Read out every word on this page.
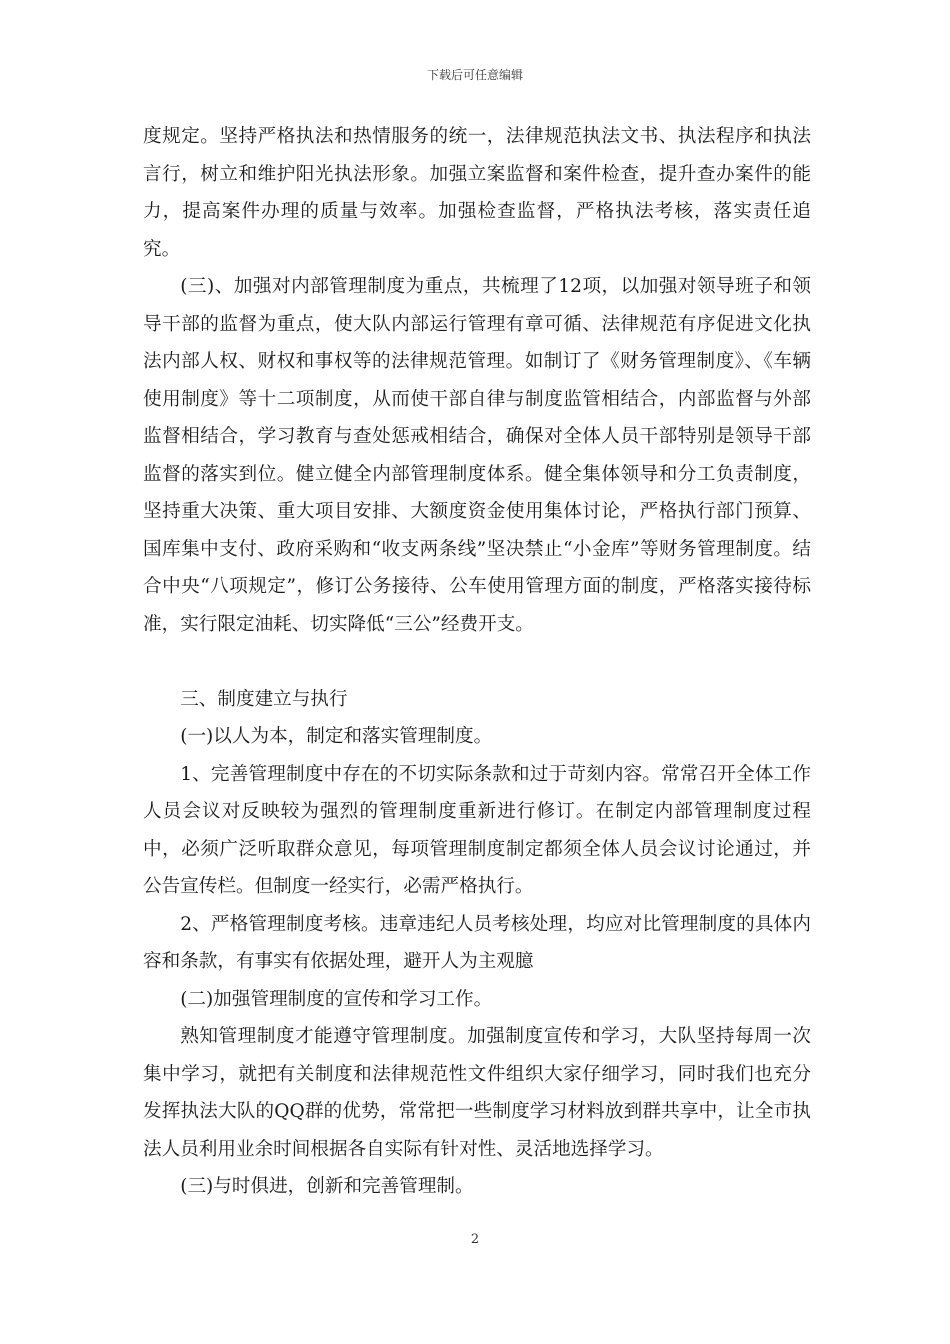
下载后可任意编辑

度规定。坚持严格执法和热情服务的统一，法律规范执法文书、执法程序和执法言行，树立和维护阳光执法形象。加强立案监督和案件检查，提升查办案件的能力，提高案件办理的质量与效率。加强检查监督，严格执法考核，落实责任追究。

(三)、加强对内部管理制度为重点，共梳理了12项，以加强对领导班子和领导干部的监督为重点，使大队内部运行管理有章可循、法律规范有序促进文化执法内部人权、财权和事权等的法律规范管理。如制订了《财务管理制度》、《车辆使用制度》等十二项制度，从而使干部自律与制度监管相结合，内部监督与外部监督相结合，学习教育与查处惩戒相结合，确保对全体人员干部特别是领导干部监督的落实到位。健立健全内部管理制度体系。健全集体领导和分工负责制度，坚持重大决策、重大项目安排、大额度资金使用集体讨论，严格执行部门预算、国库集中支付、政府采购和“收支两条线”坚决禁止“小金库”等财务管理制度。结合中央“八项规定”，修订公务接待、公车使用管理方面的制度，严格落实接待标准，实行限定油耗、切实降低“三公”经费开支。

三、制度建立与执行

(一)以人为本，制定和落实管理制度。

1、完善管理制度中存在的不切实际条款和过于苛刻内容。常常召开全体工作人员会议对反映较为强烈的管理制度重新进行修订。在制定内部管理制度过程中，必须广泛听取群众意见，每项管理制度制定都须全体人员会议讨论通过，并公告宣传栏。但制度一经实行，必需严格执行。

2、严格管理制度考核。违章违纪人员考核处理，均应对比管理制度的具体内容和条款，有事实有依据处理，避开人为主观臆

(二)加强管理制度的宣传和学习工作。

熟知管理制度才能遵守管理制度。加强制度宣传和学习，大队坚持每周一次集中学习，就把有关制度和法律规范性文件组织大家仔细学习，同时我们也充分发挥执法大队的QQ群的优势，常常把一些制度学习材料放到群共享中，让全市执法人员利用业余时间根据各自实际有针对性、灵活地选择学习。

(三)与时俱进，创新和完善管理制。

2
